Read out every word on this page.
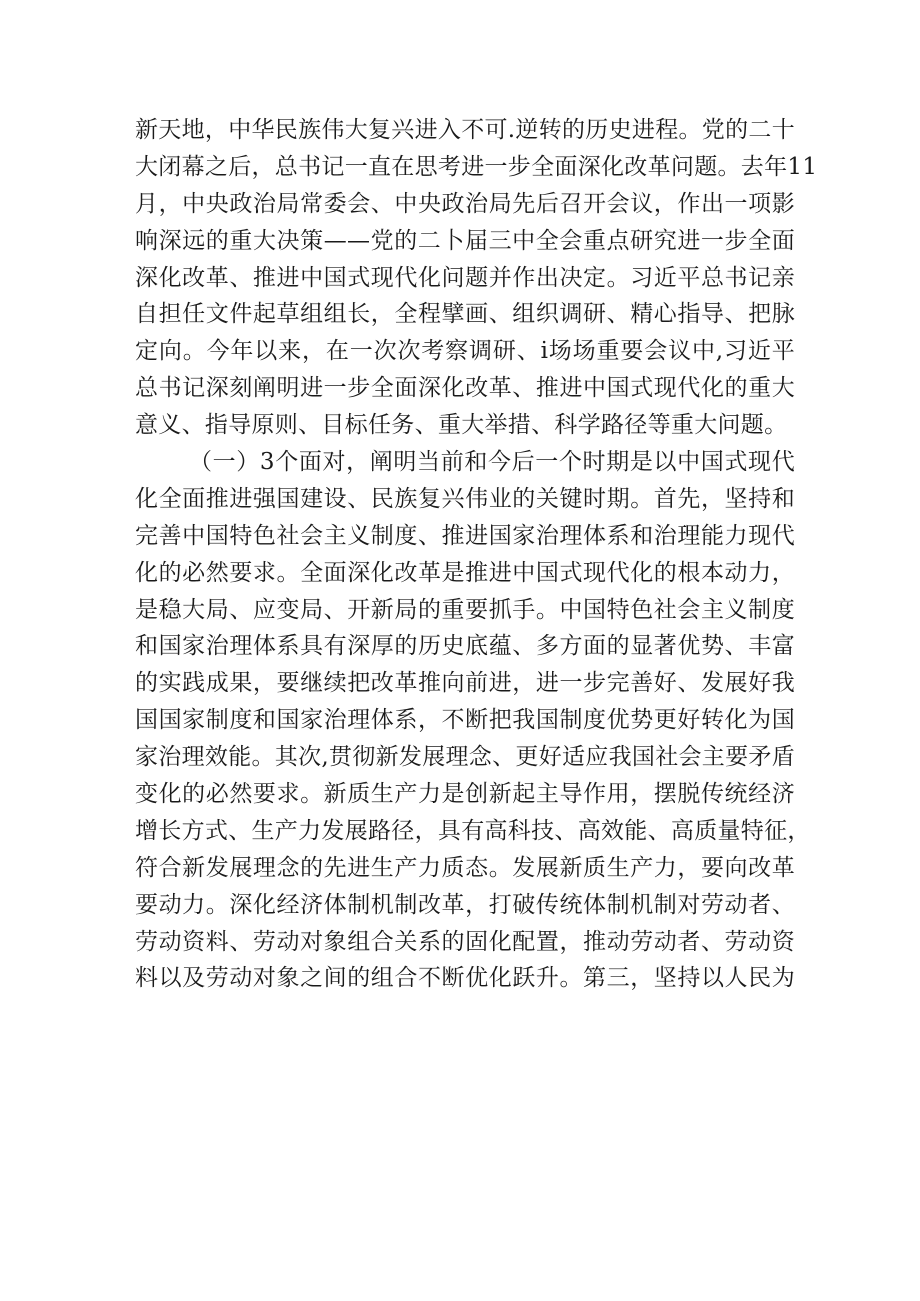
新天地，中华民族伟大复兴进入不可.逆转的历史进程。党的二十
大闭幕之后，总书记一直在思考进一步全面深化改革问题。去年11
月，中央政治局常委会、中央政治局先后召开会议，作出一项影
响深远的重大决策——党的二卜届三中全会重点研究进一步全面
深化改革、推进中国式现代化问题并作出决定。习近平总书记亲
自担任文件起草组组长，全程擘画、组织调研、精心指导、把脉
定向。今年以来，在一次次考察调研、i场场重要会议中,习近平
总书记深刻阐明进一步全面深化改革、推进中国式现代化的重大
意义、指导原则、目标任务、重大举措、科学路径等重大问题。
（一）3个面对，阐明当前和今后一个时期是以中国式现代
化全面推进强国建设、民族复兴伟业的关键时期。首先，坚持和
完善中国特色社会主义制度、推进国家治理体系和治理能力现代
化的必然要求。全面深化改革是推进中国式现代化的根本动力，
是稳大局、应变局、开新局的重要抓手。中国特色社会主义制度
和国家治理体系具有深厚的历史底蕴、多方面的显著优势、丰富
的实践成果，要继续把改革推向前进，进一步完善好、发展好我
国国家制度和国家治理体系，不断把我国制度优势更好转化为国
家治理效能。其次,贯彻新发展理念、更好适应我国社会主要矛盾
变化的必然要求。新质生产力是创新起主导作用，摆脱传统经济
增长方式、生产力发展路径，具有高科技、高效能、高质量特征，
符合新发展理念的先进生产力质态。发展新质生产力，要向改革
要动力。深化经济体制机制改革，打破传统体制机制对劳动者、
劳动资料、劳动对象组合关系的固化配置，推动劳动者、劳动资
料以及劳动对象之间的组合不断优化跃升。第三，坚持以人民为
